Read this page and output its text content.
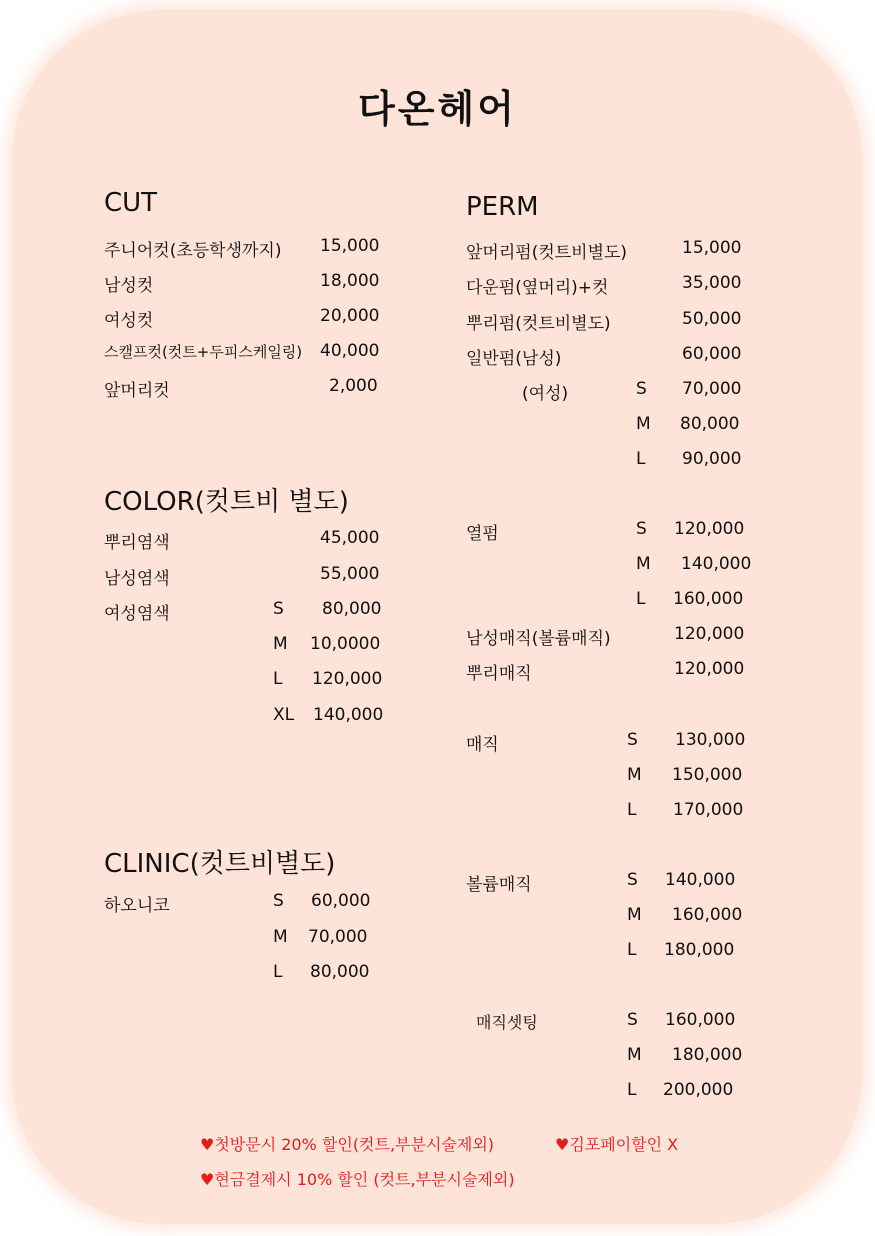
다온헤어
CUT
주니어컷(초등학생까지) 15,000
남성컷	18,000
여성컷	20,000
스캘프컷(컷트+두피스케일링) 40,000
앞머리컷	2,000
COLOR(컷트비 별도)
뿌리염색	45,000
남성염색	55,000
여성염색	S 80,000
M 10,0000
L 120,000
XL 140,000
CLINIC(컷트비별도)
하오니코	S 60,000
M 70,000
L 80,000
PERM
앞머리펌(컷트비별도)	15,000
다운펌(옆머리)+컷	35,000
뿌리펌(컷트비별도)	50,000
일반펌(남성)	60,000
(여성)	S 70,000
M 80,000
L 90,000
열펌	S 120,000
M 140,000
L 160,000
남성매직(볼륨매직)	120,000
뿌리매직	120,000
매직	S 130,000
M 150,000
L 170,000
볼륨매직	S 140,000
M 160,000
L 180,000
매직셋팅	S 160,000
M 180,000
L 200,000
♥첫방문시 20% 할인(컷트,부분시술제외)	♥김포페이할인 X
♥현금결제시 10% 할인 (컷트,부분시술제외)
